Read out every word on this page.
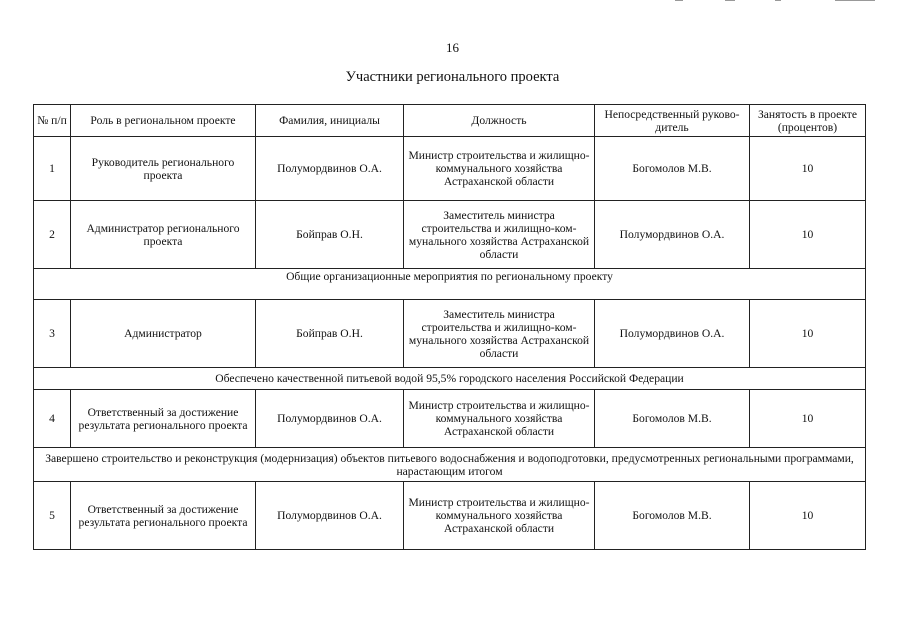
16
Участники регионального проекта
№ п/п	Роль в региональном проекте	Фамилия, инициалы	Должность	Непосредственный руково-дитель	Занятость в проекте (процентов)
1	Руководитель регионального проекта	Полумордвинов О.А.	Министр строительства и жилищно-коммунального хозяйства Астраханской области	Богомолов М.В.	10
2	Администратор регионального проекта	Бойправ О.Н.	Заместитель министра строительства и жилищно-ком-мунального хозяйства Астраханской области	Полумордвинов О.А.	10
Общие организационные мероприятия по региональному проекту					
3	Администратор	Бойправ О.Н.	Заместитель министра строительства и жилищно-ком-мунального хозяйства Астраханской области	Полумордвинов О.А.	10
Обеспечено качественной питьевой водой 95,5% городского населения Российской Федерации					
4	Ответственный за достижение результата регионального проекта	Полумордвинов О.А.	Министр строительства и жилищно-коммунального хозяйства Астраханской области	Богомолов М.В.	10
Завершено строительство и реконструкция (модернизация) объектов питьевого водоснабжения и водоподготовки, предусмотренных региональными программами, нарастающим итогом					
5	Ответственный за достижение результата регионального проекта	Полумордвинов О.А.	Министр строительства и жилищно-коммунального хозяйства Астраханской области	Богомолов М.В.	10
